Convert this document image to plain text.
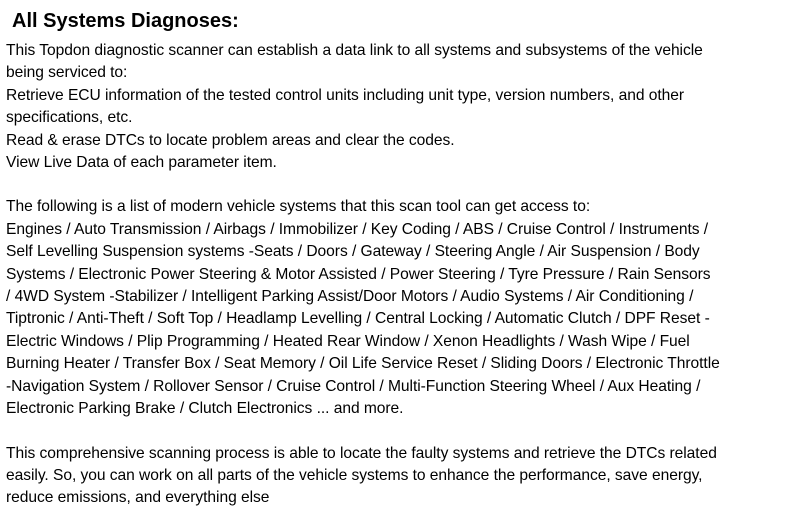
All Systems Diagnoses:
This Topdon diagnostic scanner can establish a data link to all systems and subsystems of the vehicle
being serviced to:
Retrieve ECU information of the tested control units including unit type, version numbers, and other
specifications, etc.
Read & erase DTCs to locate problem areas and clear the codes.
View Live Data of each parameter item.
The following is a list of modern vehicle systems that this scan tool can get access to:
Engines / Auto Transmission / Airbags / Immobilizer / Key Coding / ABS / Cruise Control / Instruments /
Self Levelling Suspension systems -Seats / Doors / Gateway / Steering Angle / Air Suspension / Body
Systems / Electronic Power Steering & Motor Assisted / Power Steering / Tyre Pressure / Rain Sensors
/ 4WD System -Stabilizer / Intelligent Parking Assist/Door Motors / Audio Systems / Air Conditioning /
Tiptronic / Anti-Theft / Soft Top / Headlamp Levelling / Central Locking / Automatic Clutch / DPF Reset -
Electric Windows / Plip Programming / Heated Rear Window / Xenon Headlights / Wash Wipe / Fuel
Burning Heater / Transfer Box / Seat Memory / Oil Life Service Reset / Sliding Doors / Electronic Throttle
-Navigation System / Rollover Sensor / Cruise Control / Multi-Function Steering Wheel / Aux Heating /
Electronic Parking Brake / Clutch Electronics ... and more.
This comprehensive scanning process is able to locate the faulty systems and retrieve the DTCs related
easily. So, you can work on all parts of the vehicle systems to enhance the performance, save energy,
reduce emissions, and everything else
